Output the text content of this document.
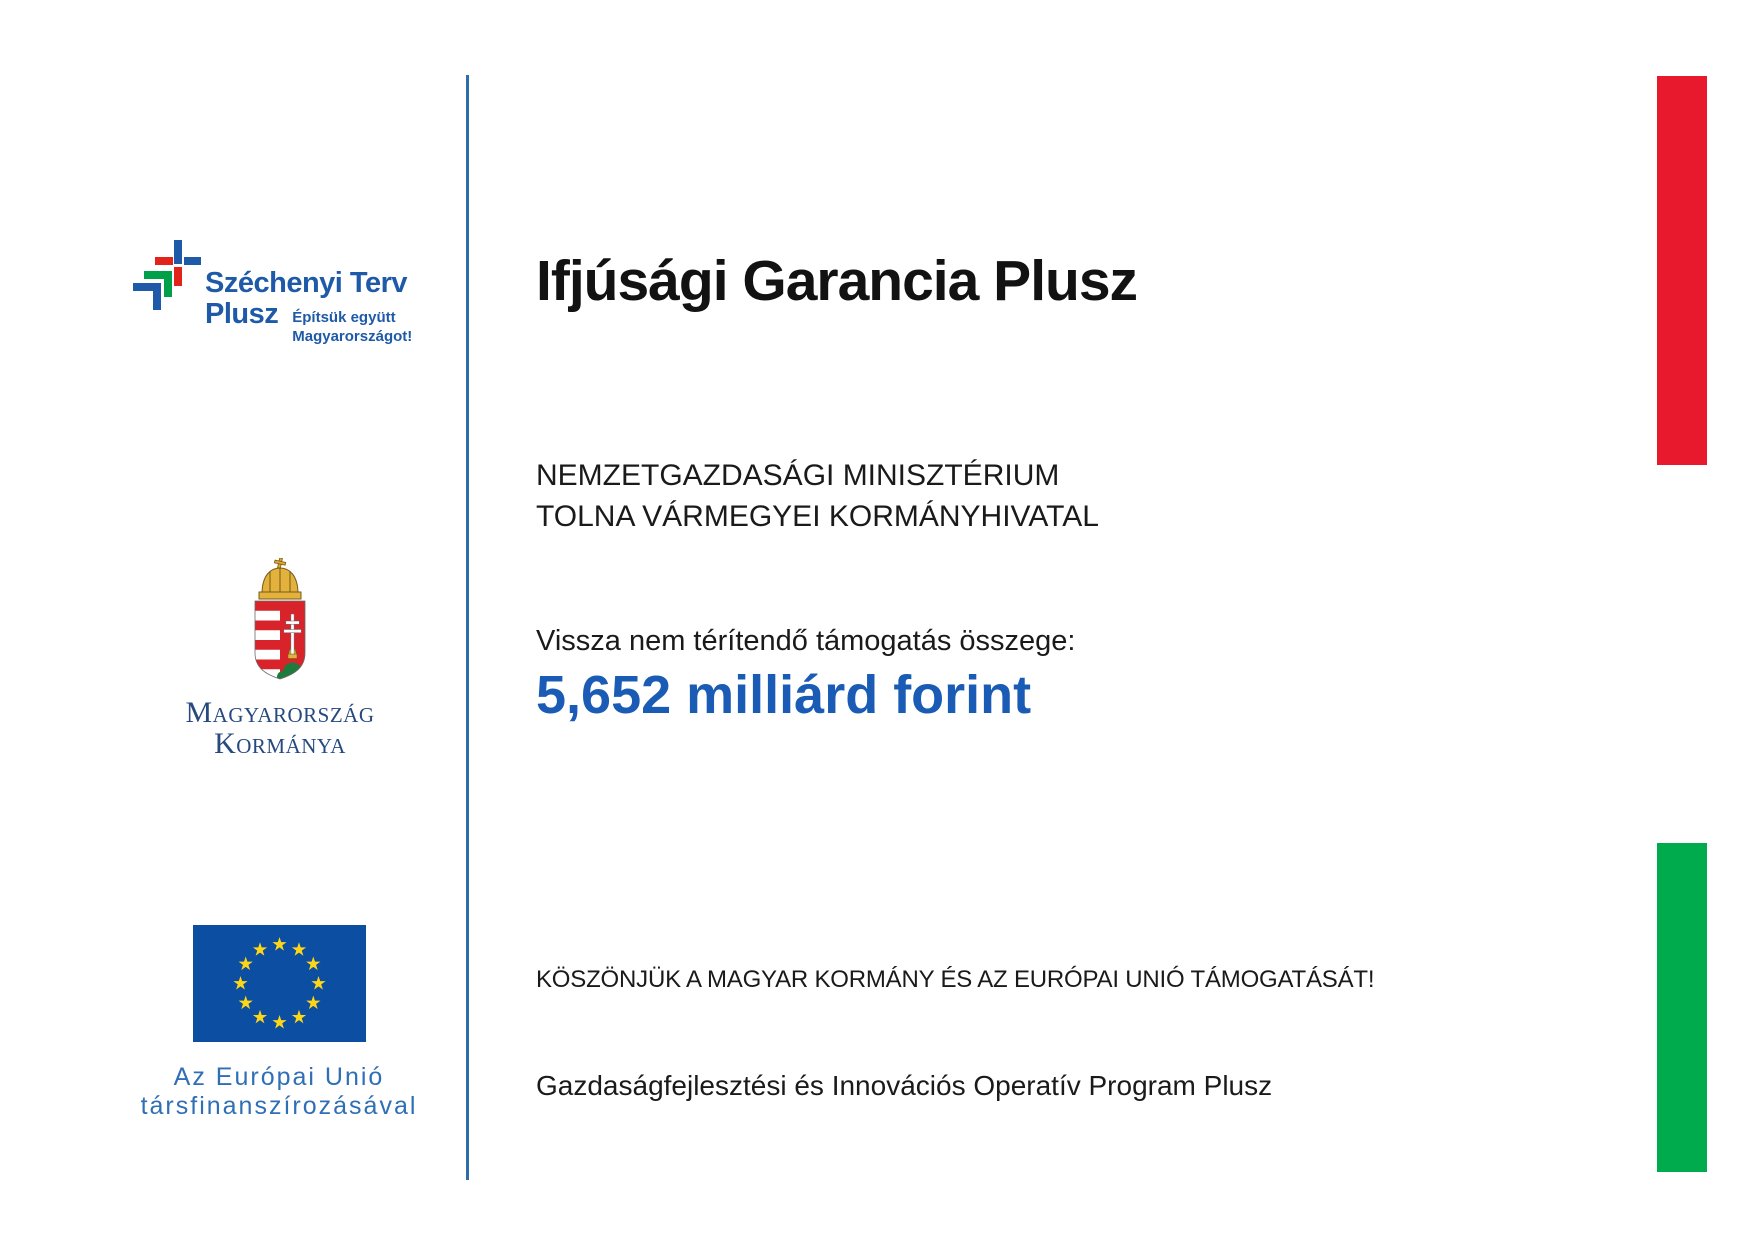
Széchenyi Terv
Plusz Építsük együtt
Magyarországot!
Magyarország
Kormánya
Az Európai Unió
társfinanszírozásával
Ifjúsági Garancia Plusz
NEMZETGAZDASÁGI MINISZTÉRIUM
TOLNA VÁRMEGYEI KORMÁNYHIVATAL
Vissza nem térítendő támogatás összege:
5,652 milliárd forint
KÖSZÖNJÜK A MAGYAR KORMÁNY ÉS AZ EURÓPAI UNIÓ TÁMOGATÁSÁT!
Gazdaságfejlesztési és Innovációs Operatív Program Plusz
